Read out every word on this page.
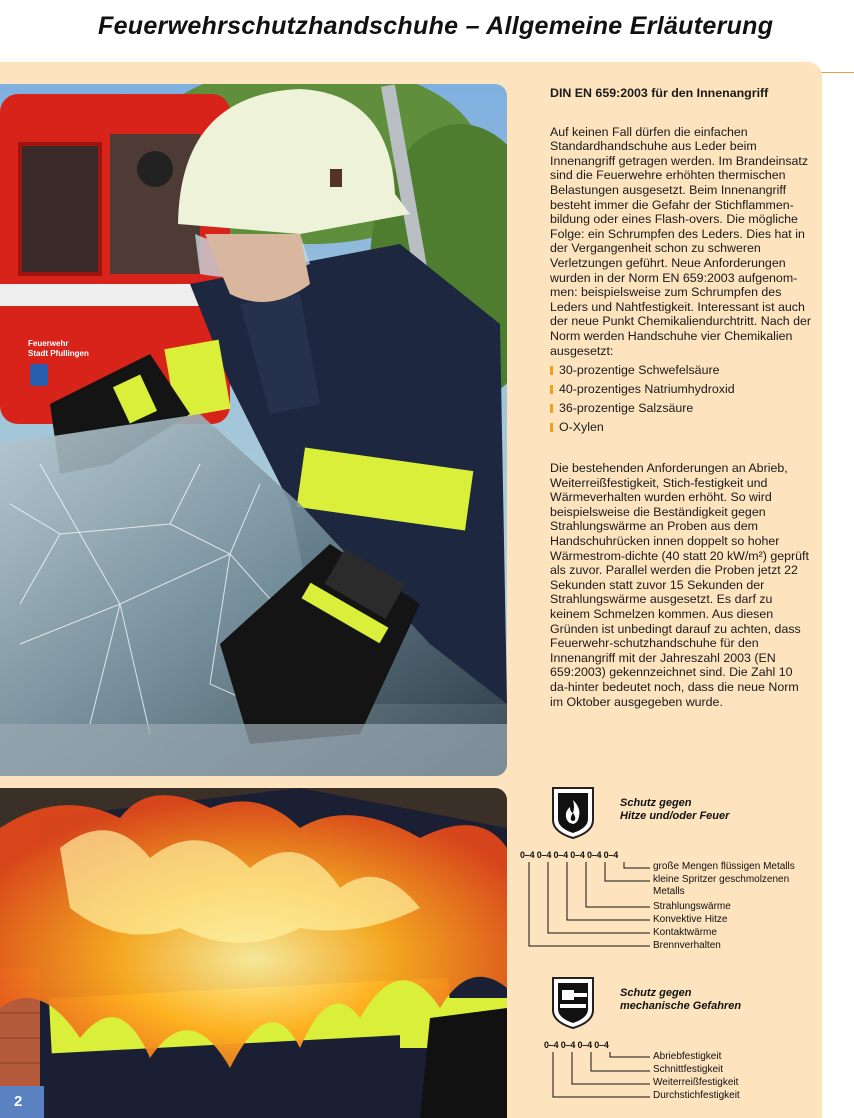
Feuerwehrschutzhandschuhe – Allgemeine Erläuterung
Feuerwehr
Stadt Pfullingen
2
DIN EN 659:2003 für den Innenangriff

Auf keinen Fall dürfen die einfachen Standardhandschuhe aus Leder beim Innenangriff getragen werden. Im Brandeinsatz sind die Feuerwehre erhöhten thermischen Belastungen ausgesetzt. Beim Innenangriff besteht immer die Gefahr der Stichflammen-bildung oder eines Flash-overs. Die mögliche Folge: ein Schrumpfen des Leders. Dies hat in der Vergangenheit schon zu schweren Verletzungen geführt. Neue Anforderungen wurden in der Norm EN 659:2003 aufgenom-men: beispielsweise zum Schrumpfen des Leders und Nahtfestigkeit. Interessant ist auch der neue Punkt Chemikaliendurchtritt. Nach der Norm werden Handschuhe vier Chemikalien ausgesetzt:

30-prozentige Schwefelsäure
40-prozentiges Natriumhydroxid
36-prozentige Salzsäure
O-Xylen

Die bestehenden Anforderungen an Abrieb, Weiterreißfestigkeit, Stich-festigkeit und Wärmeverhalten wurden erhöht. So wird beispielsweise die Beständigkeit gegen Strahlungswärme an Proben aus dem Handschuhrücken innen doppelt so hoher Wärmestrom-dichte (40 statt 20 kW/m²) geprüft als zuvor. Parallel werden die Proben jetzt 22 Sekunden statt zuvor 15 Sekunden der Strahlungswärme ausgesetzt. Es darf zu keinem Schmelzen kommen. Aus diesen Gründen ist unbedingt darauf zu achten, dass Feuerwehr-schutzhandschuhe für den Innenangriff mit der Jahreszahl 2003 (EN 659:2003) gekennzeichnet sind. Die Zahl 10 da-hinter bedeutet noch, dass die neue Norm im Oktober ausgegeben wurde.

Schutz gegen
Hitze und/oder Feuer
0–4 0–4 0–4 0–4 0–4 0–4
große Mengen flüssigen Metalls
kleine Spritzer geschmolzenen Metalls
Strahlungswärme
Konvektive Hitze
Kontaktwärme
Brennverhalten
Schutz gegen
mechanische Gefahren
0–4 0–4 0–4 0–4
Abriebfestigkeit
Schnittfestigkeit
Weiterreißfestigkeit
Durchstichfestigkeit
